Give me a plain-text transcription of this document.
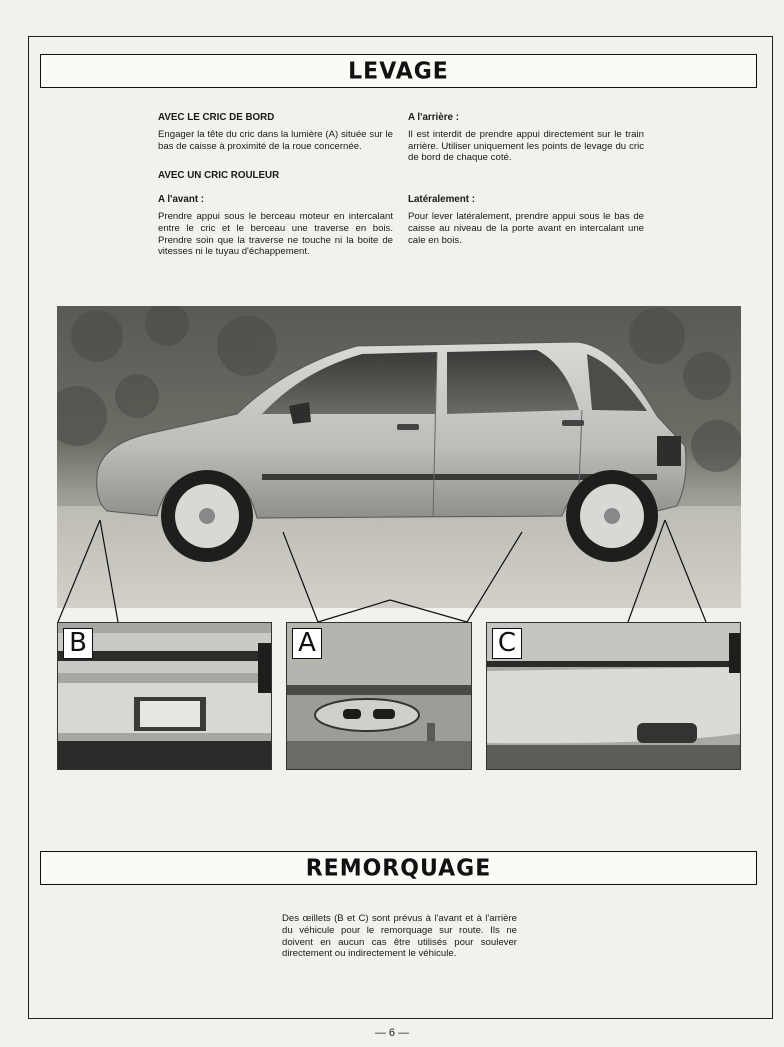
LEVAGE

AVEC LE CRIC DE BORD

Engager la tête du cric dans la lumière (A) située sur le bas de caisse à proximité de la roue concernée.

AVEC UN CRIC ROULEUR

A l'avant :

Prendre appui sous le berceau moteur en intercalant entre le cric et le berceau une traverse en bois. Prendre soin que la traverse ne touche ni la boite de vitesses ni le tuyau d'échappement.

A l'arrière :

Il est interdit de prendre appui directement sur le train arrière. Utiliser uniquement les points de levage du cric de bord de chaque coté.

Latéralement :

Pour lever latéralement, prendre appui sous le bas de caisse au niveau de la porte avant en intercalant une cale en bois.

B	A	C
REMORQUAGE
Des œillets (B et C) sont prévus à l'avant et à l'arrière du véhicule pour le remorquage sur route. Ils ne doivent en aucun cas être utilisés pour soulever directement ou indirectement le véhicule.
— 6 —
